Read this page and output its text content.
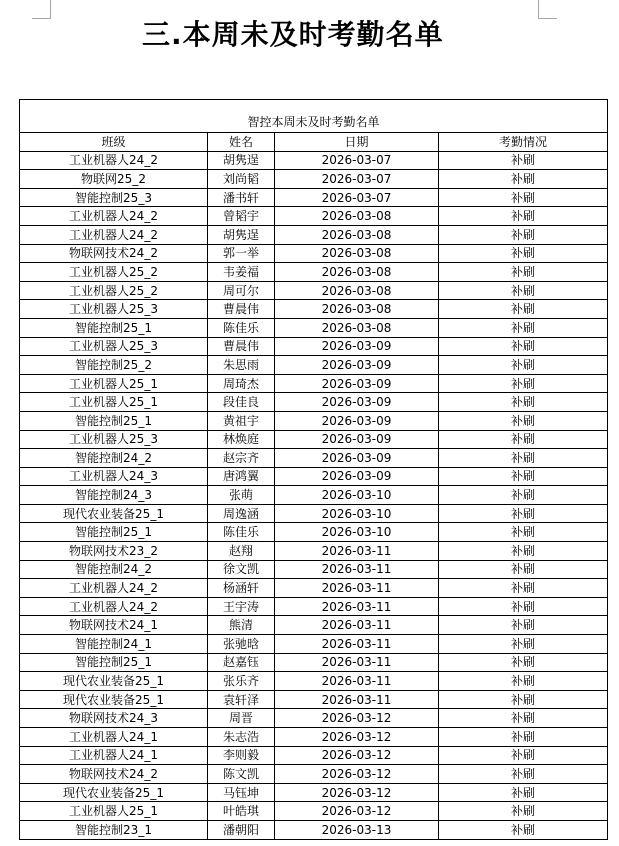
三.本周未及时考勤名单
智控本周未及时考勤名单			
班级	姓名	日期	考勤情况
工业机器人24_2	胡隽逞	2026-03-07	补刷
物联网25_2	刘尚韬	2026-03-07	补刷
智能控制25_3	潘书轩	2026-03-07	补刷
工业机器人24_2	曾韬宇	2026-03-08	补刷
工业机器人24_2	胡隽逞	2026-03-08	补刷
物联网技术24_2	郭一举	2026-03-08	补刷
工业机器人25_2	韦姜福	2026-03-08	补刷
工业机器人25_2	周可尔	2026-03-08	补刷
工业机器人25_3	曹晨伟	2026-03-08	补刷
智能控制25_1	陈佳乐	2026-03-08	补刷
工业机器人25_3	曹晨伟	2026-03-09	补刷
智能控制25_2	朱思雨	2026-03-09	补刷
工业机器人25_1	周琦杰	2026-03-09	补刷
工业机器人25_1	段佳良	2026-03-09	补刷
智能控制25_1	黄祖宇	2026-03-09	补刷
工业机器人25_3	林焕庭	2026-03-09	补刷
智能控制24_2	赵宗齐	2026-03-09	补刷
工业机器人24_3	唐鸿翼	2026-03-09	补刷
智能控制24_3	张萌	2026-03-10	补刷
现代农业装备25_1	周逸涵	2026-03-10	补刷
智能控制25_1	陈佳乐	2026-03-10	补刷
物联网技术23_2	赵翔	2026-03-11	补刷
智能控制24_2	徐文凯	2026-03-11	补刷
工业机器人24_2	杨涵轩	2026-03-11	补刷
工业机器人24_2	王宇涛	2026-03-11	补刷
物联网技术24_1	熊清	2026-03-11	补刷
智能控制24_1	张驰晗	2026-03-11	补刷
智能控制25_1	赵嘉钰	2026-03-11	补刷
现代农业装备25_1	张乐齐	2026-03-11	补刷
现代农业装备25_1	袁轩泽	2026-03-11	补刷
物联网技术24_3	周晋	2026-03-12	补刷
工业机器人24_1	朱志浩	2026-03-12	补刷
工业机器人24_1	李则毅	2026-03-12	补刷
物联网技术24_2	陈文凯	2026-03-12	补刷
现代农业装备25_1	马钰坤	2026-03-12	补刷
工业机器人25_1	叶皓琪	2026-03-12	补刷
智能控制23_1	潘朝阳	2026-03-13	补刷
